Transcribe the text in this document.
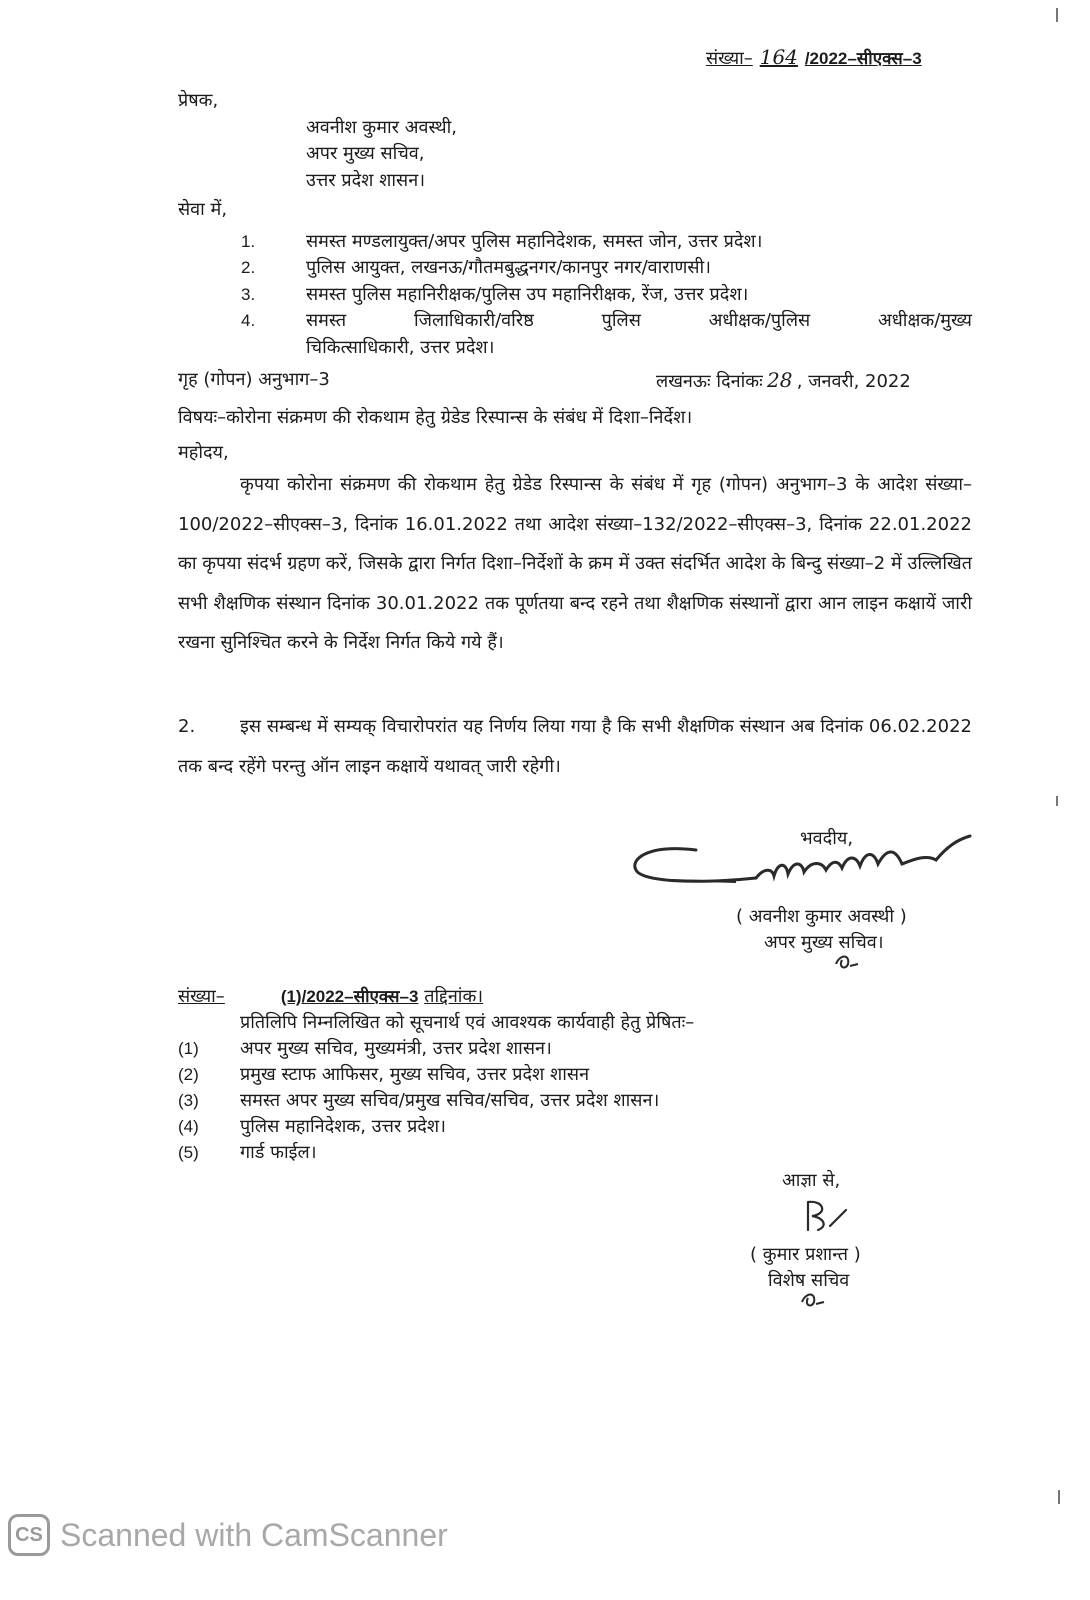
संख्या– 164 /2022–सीएक्स–3
प्रेषक,
अवनीश कुमार अवस्थी,
अपर मुख्य सचिव,
उत्तर प्रदेश शासन।
सेवा में,
1.	समस्त मण्डलायुक्त/अपर पुलिस महानिदेशक, समस्त जोन, उत्तर प्रदेश।
2.	पुलिस आयुक्त, लखनऊ/गौतमबुद्धनगर/कानपुर नगर/वाराणसी।
3.	समस्त पुलिस महानिरीक्षक/पुलिस उप महानिरीक्षक, रेंज, उत्तर प्रदेश।
4.	समस्त जिलाधिकारी/वरिष्ठ पुलिस अधीक्षक/पुलिस अधीक्षक/मुख्य
चिकित्साधिकारी, उत्तर प्रदेश।
गृह (गोपन) अनुभाग–3	लखनऊः दिनांकः 28 , जनवरी, 2022
विषयः–कोरोना संक्रमण की रोकथाम हेतु ग्रेडेड रिस्पान्स के संबंध में दिशा–निर्देश।
महोदय,
कृपया कोरोना संक्रमण की रोकथाम हेतु ग्रेडेड रिस्पान्स के संबंध में गृह (गोपन) अनुभाग–3 के आदेश संख्या–100/2022–सीएक्स–3, दिनांक 16.01.2022 तथा आदेश संख्या–132/2022–सीएक्स–3, दिनांक 22.01.2022 का कृपया संदर्भ ग्रहण करें, जिसके द्वारा निर्गत दिशा–निर्देशों के क्रम में उक्त संदर्भित आदेश के बिन्दु संख्या–2 में उल्लिखित सभी शैक्षणिक संस्थान दिनांक 30.01.2022 तक पूर्णतया बन्द रहने तथा शैक्षणिक संस्थानों द्वारा आन लाइन कक्षायें जारी रखना सुनिश्चित करने के निर्देश निर्गत किये गये हैं।
2. इस सम्बन्ध में सम्यक् विचारोपरांत यह निर्णय लिया गया है कि सभी शैक्षणिक संस्थान अब दिनांक 06.02.2022 तक बन्द रहेंगे परन्तु ऑन लाइन कक्षायें यथावत् जारी रहेगी।
भवदीय,
( अवनीश कुमार अवस्थी )
अपर मुख्य सचिव।
संख्या–	(1)/2022–सीएक्स–3 तद्दिनांक।
प्रतिलिपि निम्नलिखित को सूचनार्थ एवं आवश्यक कार्यवाही हेतु प्रेषितः–
(1) अपर मुख्य सचिव, मुख्यमंत्री, उत्तर प्रदेश शासन।
(2) प्रमुख स्टाफ आफिसर, मुख्य सचिव, उत्तर प्रदेश शासन
(3) समस्त अपर मुख्य सचिव/प्रमुख सचिव/सचिव, उत्तर प्रदेश शासन।
(4) पुलिस महानिदेशक, उत्तर प्रदेश।
(5) गार्ड फाईल।
आज्ञा से,
( कुमार प्रशान्त )
विशेष सचिव
CS Scanned with CamScanner
